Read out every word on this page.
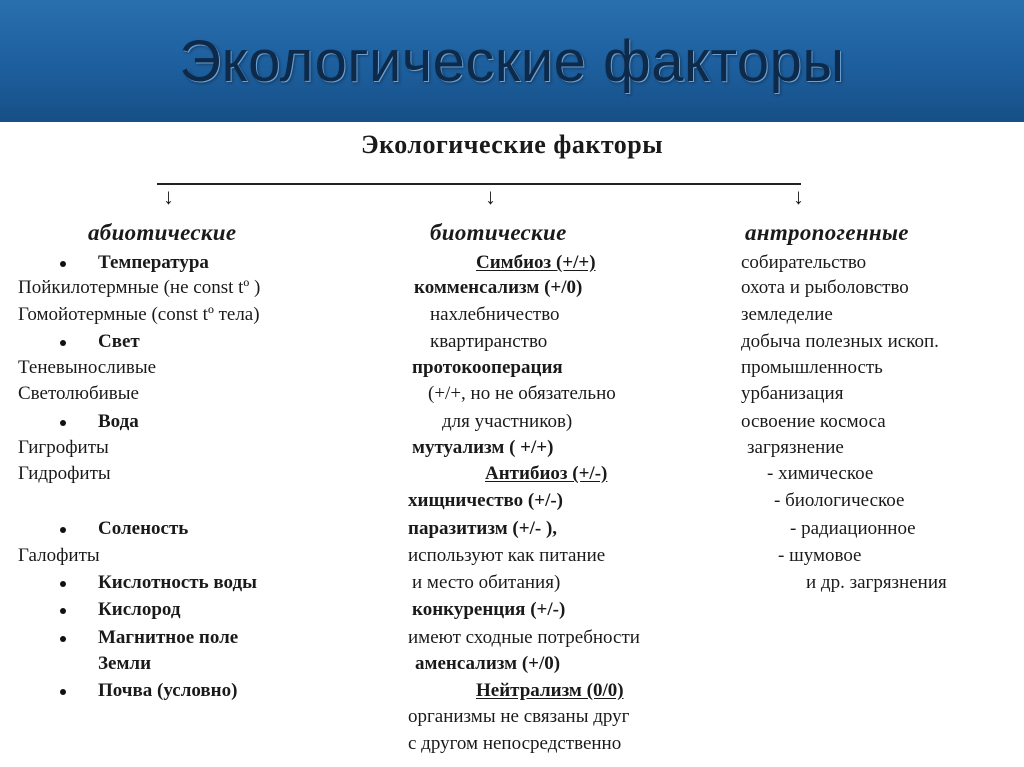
Экологические факторы
Экологические факторы
↓	↓	↓
абиотические	биотические	антропогенные
Температура
Пойкилотермные (не const tº )
Гомойотермные (const tº тела)
Свет
Теневыносливые
Светолюбивые
Вода
Гигрофиты
Гидрофиты
Соленость
Галофиты
Кислотность воды
Кислород
Магнитное поле
Земли
Почва (условно)
Симбиоз (+/+)
комменсализм (+/0)
нахлебничество
квартиранство
протокооперация
(+/+, но не обязательно
для участников)
мутуализм ( +/+)
Антибиоз (+/-)
хищничество (+/-)
паразитизм (+/- ),
используют как питание
и место обитания)
конкуренция (+/-)
имеют сходные потребности
аменсализм (+/0)
Нейтрализм (0/0)
организмы не связаны друг
с другом непосредственно
собирательство
охота и рыболовство
земледелие
добыча полезных ископ.
промышленность
урбанизация
освоение космоса
загрязнение
- химическое
- биологическое
- радиационное
- шумовое
и др. загрязнения
